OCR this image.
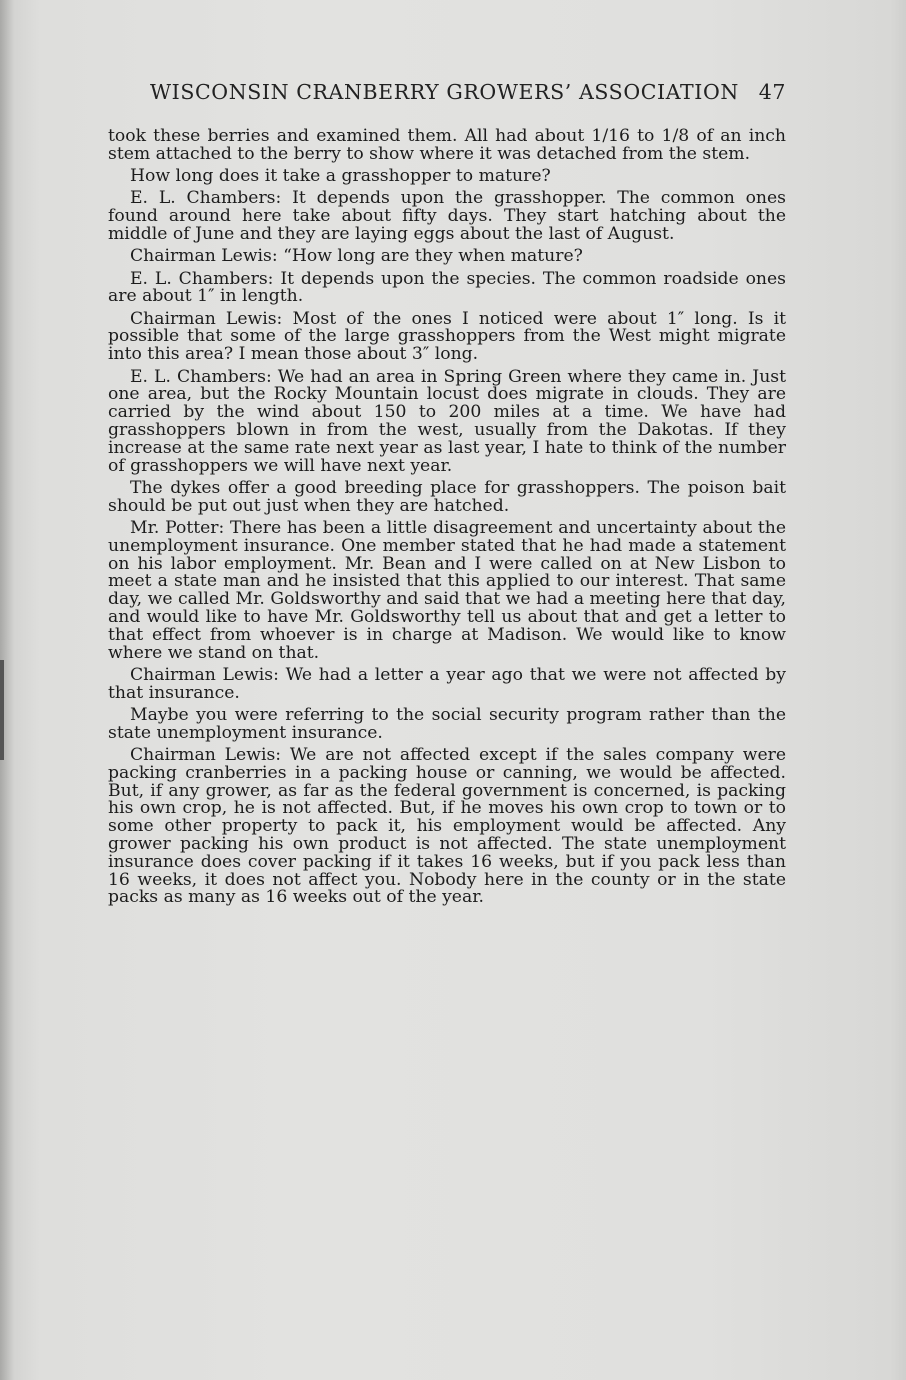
WISCONSIN CRANBERRY GROWERS’ ASSOCIATION 47

took these berries and examined them. All had about 1/16 to 1/8 of an inch stem attached to the berry to show where it was detached from the stem.

How long does it take a grasshopper to mature?

E. L. Chambers: It depends upon the grasshopper. The common ones found around here take about fifty days. They start hatching about the middle of June and they are laying eggs about the last of August.

Chairman Lewis: “How long are they when mature?

E. L. Chambers: It depends upon the species. The common roadside ones are about 1″ in length.

Chairman Lewis: Most of the ones I noticed were about 1″ long. Is it possible that some of the large grasshoppers from the West might migrate into this area? I mean those about 3″ long.

E. L. Chambers: We had an area in Spring Green where they came in. Just one area, but the Rocky Mountain locust does migrate in clouds. They are carried by the wind about 150 to 200 miles at a time. We have had grasshoppers blown in from the west, usually from the Dakotas. If they increase at the same rate next year as last year, I hate to think of the number of grasshoppers we will have next year.

The dykes offer a good breeding place for grasshoppers. The poison bait should be put out just when they are hatched.

Mr. Potter: There has been a little disagreement and uncertainty about the unemployment insurance. One member stated that he had made a statement on his labor employment. Mr. Bean and I were called on at New Lisbon to meet a state man and he insisted that this applied to our interest. That same day, we called Mr. Goldsworthy and said that we had a meeting here that day, and would like to have Mr. Goldsworthy tell us about that and get a letter to that effect from whoever is in charge at Madison. We would like to know where we stand on that.

Chairman Lewis: We had a letter a year ago that we were not affected by that insurance.

Maybe you were referring to the social security program rather than the state unemployment insurance.

Chairman Lewis: We are not affected except if the sales company were packing cranberries in a packing house or canning, we would be affected. But, if any grower, as far as the federal government is concerned, is packing his own crop, he is not affected. But, if he moves his own crop to town or to some other property to pack it, his employment would be affected. Any grower packing his own product is not affected. The state unemployment insurance does cover packing if it takes 16 weeks, but if you pack less than 16 weeks, it does not affect you. Nobody here in the county or in the state packs as many as 16 weeks out of the year.
